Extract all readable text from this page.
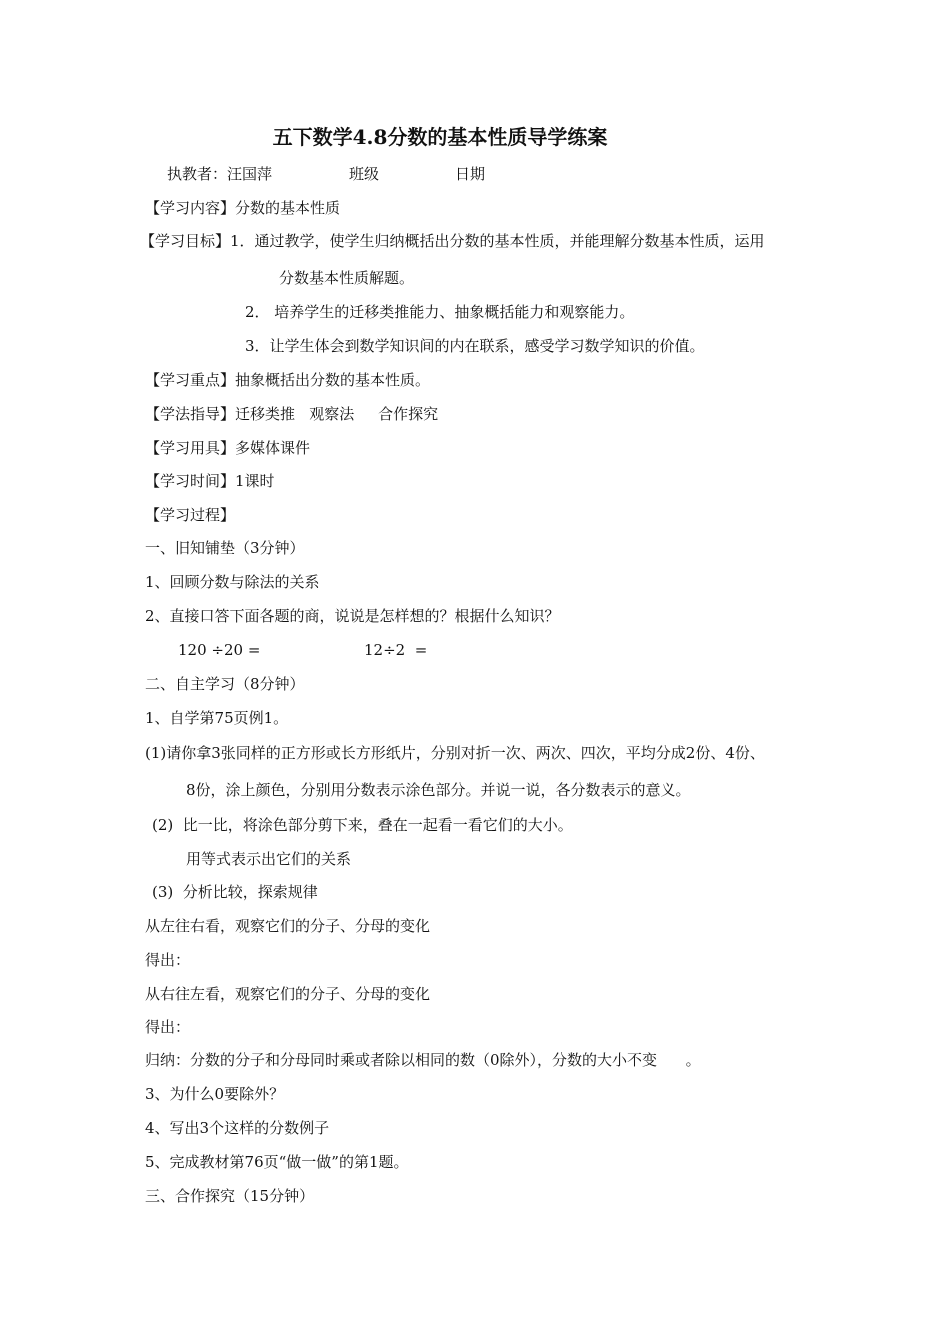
五下数学4.8分数的基本性质导学练案
执教者：汪国萍	班级	日期
【学习内容】分数的基本性质
【学习目标】1．通过教学，使学生归纳概括出分数的基本性质，并能理解分数基本性质，运用
分数基本性质解题。
2． 培养学生的迁移类推能力、抽象概括能力和观察能力。
3．让学生体会到数学知识间的内在联系，感受学习数学知识的价值。
【学习重点】抽象概括出分数的基本性质。
【学法指导】迁移类推   观察法     合作探究
【学习用具】多媒体课件
【学习时间】1课时
【学习过程】
一、旧知铺垫（3分钟）
1、回顾分数与除法的关系
2、直接口答下面各题的商，说说是怎样想的？根据什么知识？
120 ÷20 =	12÷2  =
二、自主学习（8分钟）
1、自学第75页例1。
(1)请你拿3张同样的正方形或长方形纸片，分别对折一次、两次、四次，平均分成2份、4份、
8份，涂上颜色，分别用分数表示涂色部分。并说一说，各分数表示的意义。
(2)  比一比，将涂色部分剪下来，叠在一起看一看它们的大小。
用等式表示出它们的关系
(3)  分析比较，探索规律
从左往右看，观察它们的分子、分母的变化
得出：
从右往左看，观察它们的分子、分母的变化
得出：
归纳：分数的分子和分母同时乘或者除以相同的数（0除外），分数的大小不变      。
3、为什么0要除外？
4、写出3个这样的分数例子
5、完成教材第76页“做一做”的第1题。
三、合作探究（15分钟）
